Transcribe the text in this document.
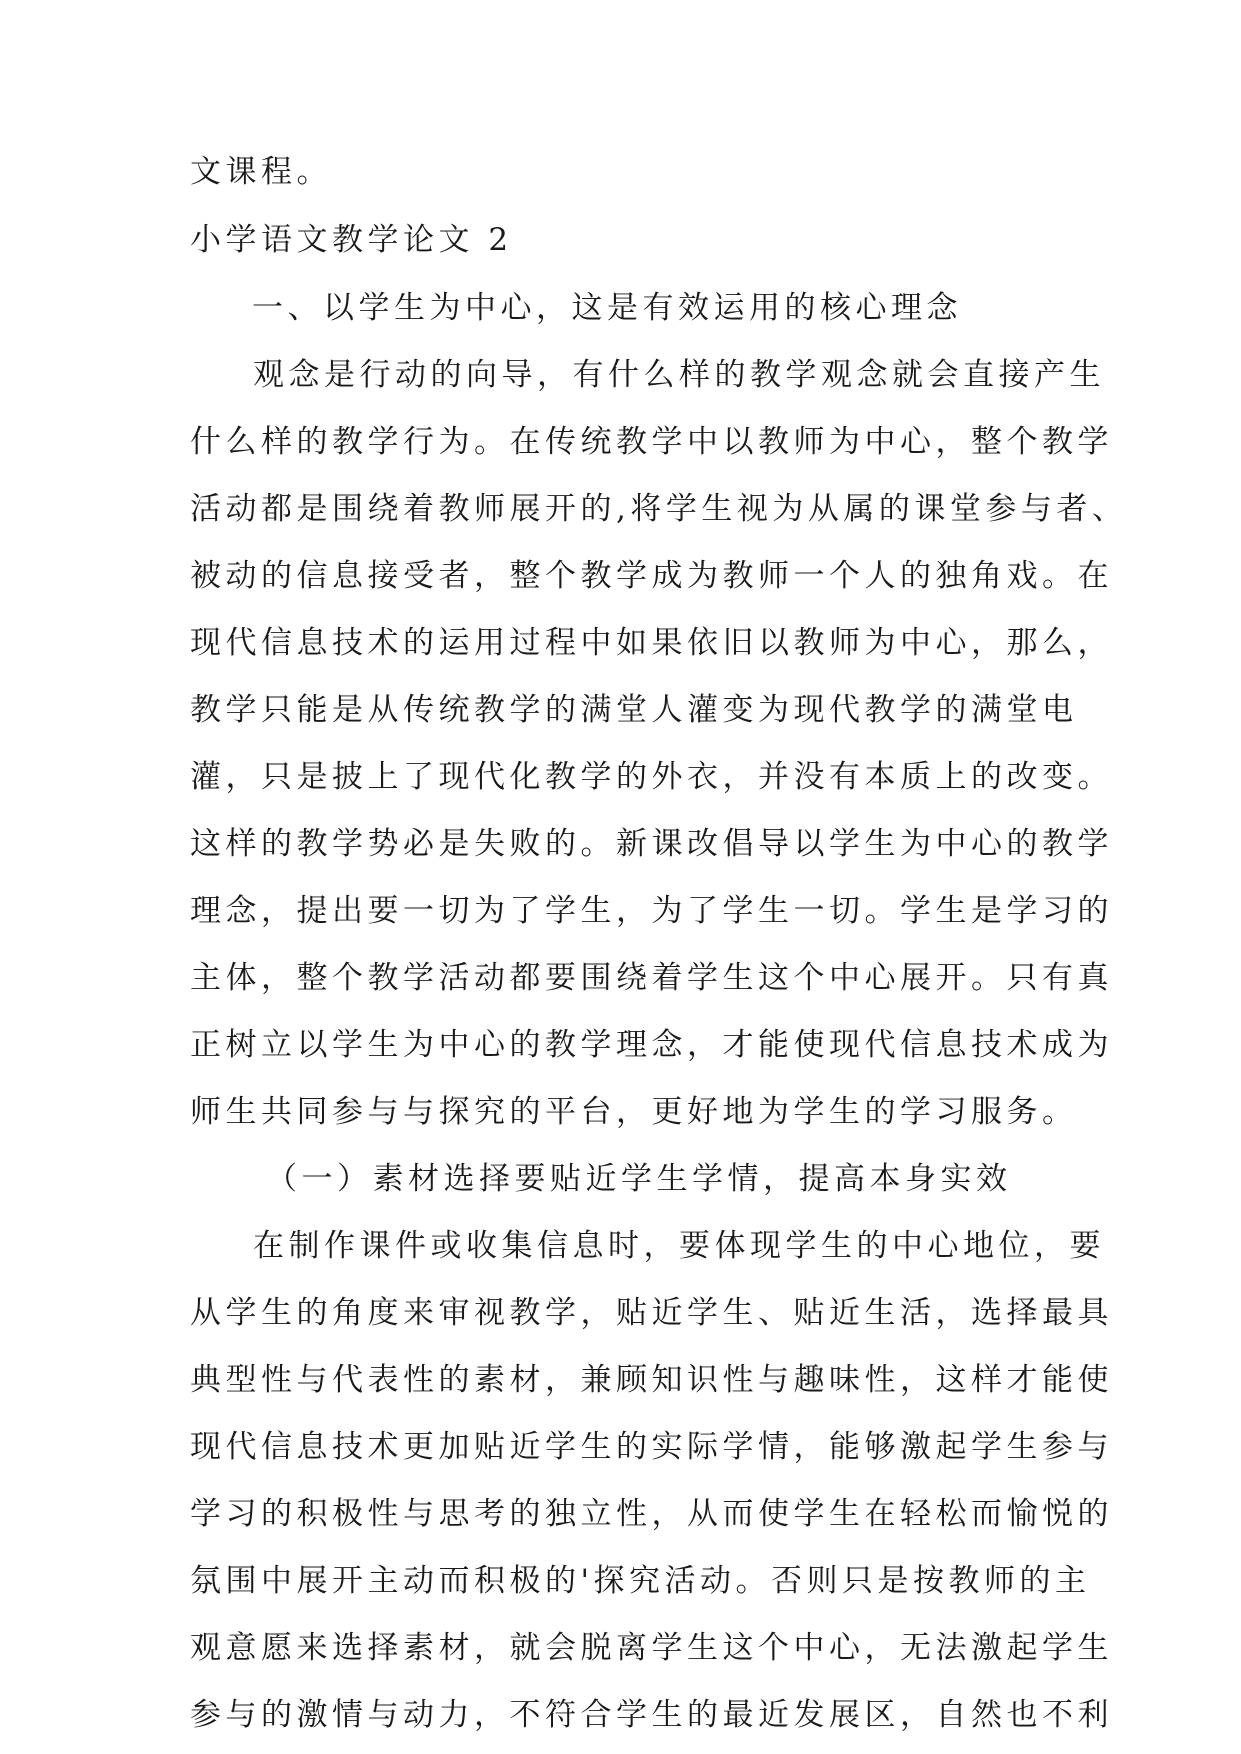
文课程。

小学语文教学论文 2

一、以学生为中心，这是有效运用的核心理念

观念是行动的向导，有什么样的教学观念就会直接产生

什么样的教学行为。在传统教学中以教师为中心，整个教学

活动都是围绕着教师展开的,将学生视为从属的课堂参与者、

被动的信息接受者，整个教学成为教师一个人的独角戏。在

现代信息技术的运用过程中如果依旧以教师为中心，那么，

教学只能是从传统教学的满堂人灌变为现代教学的满堂电

灌，只是披上了现代化教学的外衣，并没有本质上的改变。

这样的教学势必是失败的。新课改倡导以学生为中心的教学

理念，提出要一切为了学生，为了学生一切。学生是学习的

主体，整个教学活动都要围绕着学生这个中心展开。只有真

正树立以学生为中心的教学理念，才能使现代信息技术成为

师生共同参与与探究的平台，更好地为学生的学习服务。

（一）素材选择要贴近学生学情，提高本身实效

在制作课件或收集信息时，要体现学生的中心地位，要

从学生的角度来审视教学，贴近学生、贴近生活，选择最具

典型性与代表性的素材，兼顾知识性与趣味性，这样才能使

现代信息技术更加贴近学生的实际学情，能够激起学生参与

学习的积极性与思考的独立性，从而使学生在轻松而愉悦的

氛围中展开主动而积极的'探究活动。否则只是按教师的主

观意愿来选择素材，就会脱离学生这个中心，无法激起学生

参与的激情与动力，不符合学生的最近发展区，自然也不利
